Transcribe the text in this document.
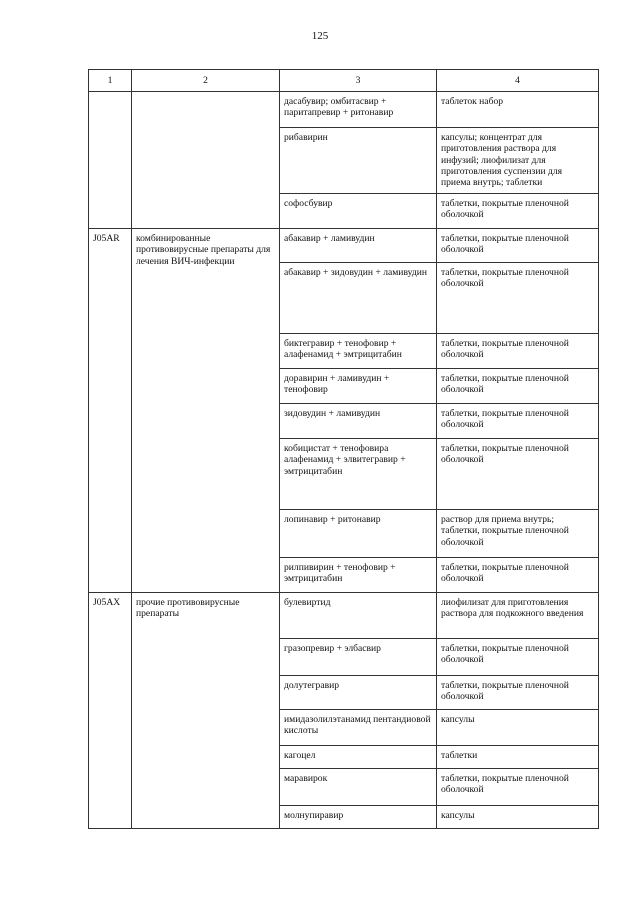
125
1	2	3	4
		дасабувир; омбитасвир + паритапревир + ритонавир	таблеток набор
		рибавирин	капсулы; концентрат для приготовления раствора для инфузий; лиофилизат для приготовления суспензии для приема внутрь; таблетки
		софосбувир	таблетки, покрытые пленочной оболочкой
J05AR	комбинированные противовирусные препараты для лечения ВИЧ-инфекции	абакавир + ламивудин	таблетки, покрытые пленочной оболочкой
		абакавир + зидовудин + ламивудин	таблетки, покрытые пленочной оболочкой
		биктегравир + тенофовир + алафенамид + эмтрицитабин	таблетки, покрытые пленочной оболочкой
		доравирин + ламивудин + тенофовир	таблетки, покрытые пленочной оболочкой
		зидовудин + ламивудин	таблетки, покрытые пленочной оболочкой
		кобицистат + тенофовира алафенамид + элвитегравир + эмтрицитабин	таблетки, покрытые пленочной оболочкой
		лопинавир + ритонавир	раствор для приема внутрь; таблетки, покрытые пленочной оболочкой
		рилпивирин + тенофовир + эмтрицитабин	таблетки, покрытые пленочной оболочкой
J05AX	прочие противовирусные препараты	булевиртид	лиофилизат для приготовления раствора для подкожного введения
		гразопревир + элбасвир	таблетки, покрытые пленочной оболочкой
		долутегравир	таблетки, покрытые пленочной оболочкой
		имидазолилэтанамид пентандиовой кислоты	капсулы
		кагоцел	таблетки
		маравирок	таблетки, покрытые пленочной оболочкой
		молнупиравир	капсулы
